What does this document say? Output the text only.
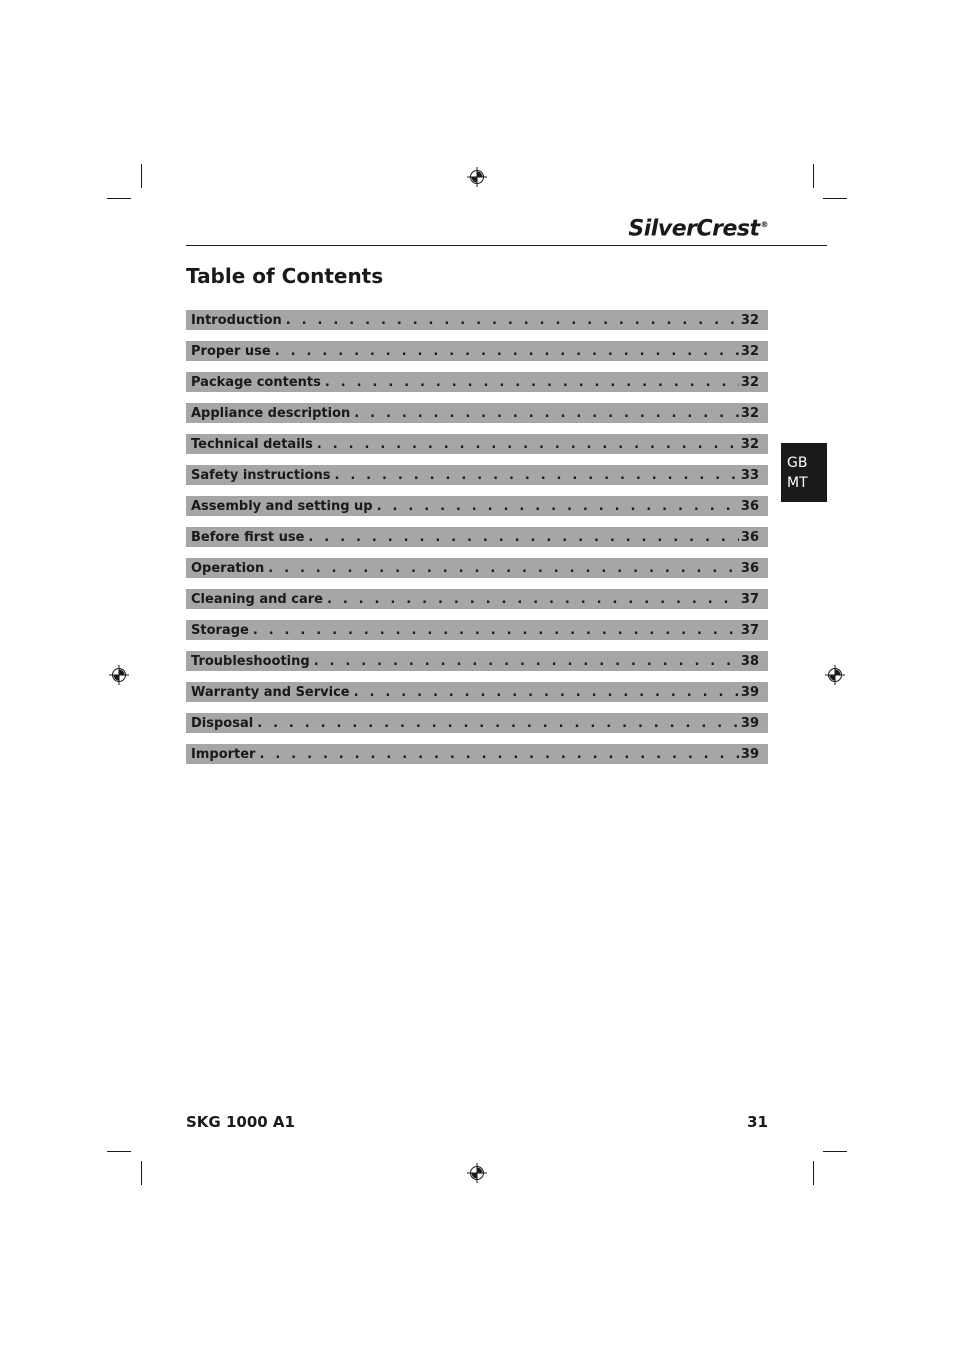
SilverCrest®
Table of Contents
Introduction . . .	32
Proper use . . .	32
Package contents . . .	32
Appliance description . . .	32
Technical details . . .	32
Safety instructions . . .	33
Assembly and setting up . . .	36
Before first use . . .	36
Operation . . .	36
Cleaning and care . . .	37
Storage . . .	37
Troubleshooting . . .	38
Warranty and Service . . .	39
Disposal . . .	39
Importer . . .	39
GB
MT
SKG 1000 A1	31
